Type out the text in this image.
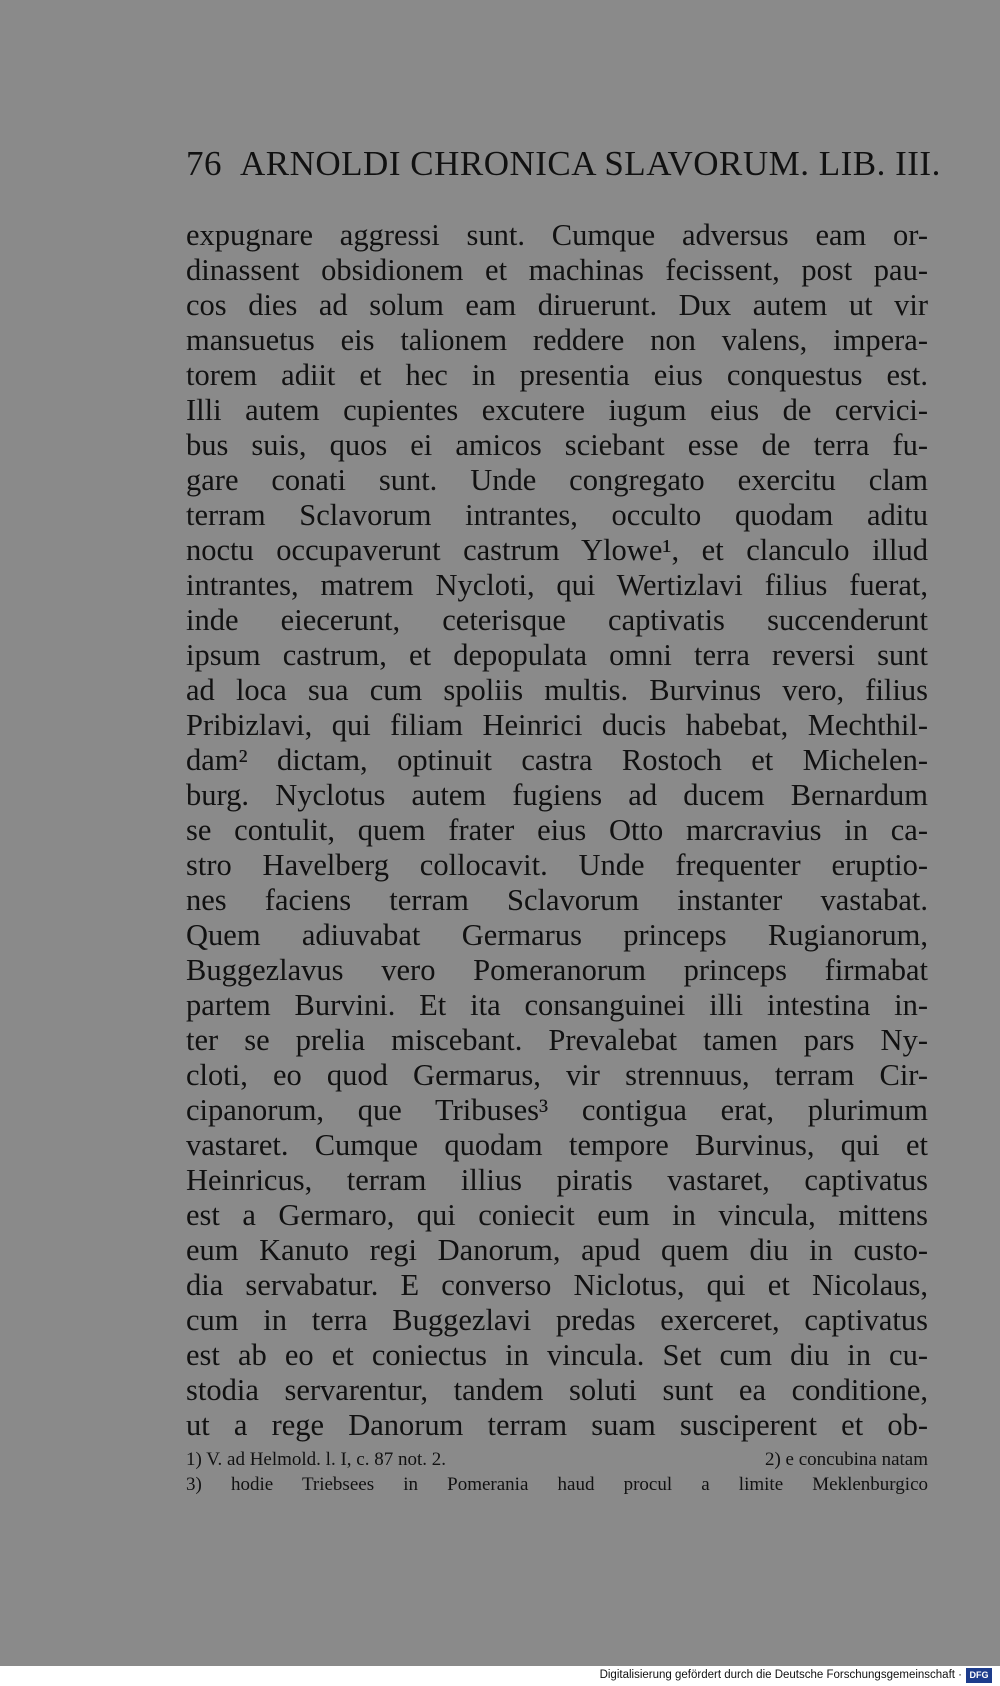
76 ARNOLDI CHRONICA SLAVORUM. LIB. III.
expugnare aggressi sunt. Cumque adversus eam or-
dinassent obsidionem et machinas fecissent, post pau-
cos dies ad solum eam diruerunt. Dux autem ut vir
mansuetus eis talionem reddere non valens, impera-
torem adiit et hec in presentia eius conquestus est.
Illi autem cupientes excutere iugum eius de cervici-
bus suis, quos ei amicos sciebant esse de terra fu-
gare conati sunt. Unde congregato exercitu clam
terram Sclavorum intrantes, occulto quodam aditu
noctu occupaverunt castrum Ylowe¹, et clanculo illud
intrantes, matrem Nycloti, qui Wertizlavi filius fuerat,
inde eiecerunt, ceterisque captivatis succenderunt
ipsum castrum, et depopulata omni terra reversi sunt
ad loca sua cum spoliis multis. Burvinus vero, filius
Pribizlavi, qui filiam Heinrici ducis habebat, Mechthil-
dam² dictam, optinuit castra Rostoch et Michelen-
burg. Nyclotus autem fugiens ad ducem Bernardum
se contulit, quem frater eius Otto marcravius in ca-
stro Havelberg collocavit. Unde frequenter eruptio-
nes faciens terram Sclavorum instanter vastabat.
Quem adiuvabat Germarus princeps Rugianorum,
Buggezlavus vero Pomeranorum princeps firmabat
partem Burvini. Et ita consanguinei illi intestina in-
ter se prelia miscebant. Prevalebat tamen pars Ny-
cloti, eo quod Germarus, vir strennuus, terram Cir-
cipanorum, que Tribuses³ contigua erat, plurimum
vastaret. Cumque quodam tempore Burvinus, qui et
Heinricus, terram illius piratis vastaret, captivatus
est a Germaro, qui coniecit eum in vincula, mittens
eum Kanuto regi Danorum, apud quem diu in custo-
dia servabatur. E converso Niclotus, qui et Nicolaus,
cum in terra Buggezlavi predas exerceret, captivatus
est ab eo et coniectus in vincula. Set cum diu in cu-
stodia servarentur, tandem soluti sunt ea conditione,
ut a rege Danorum terram suam susciperent et ob-
1) V. ad Helmold. l. I, c. 87 not. 2.	2) e concubina natam
3) hodie Triebsees in Pomerania haud procul a limite Meklenburgico
Digitalisierung gefördert durch die Deutsche Forschungsgemeinschaft · DFG
